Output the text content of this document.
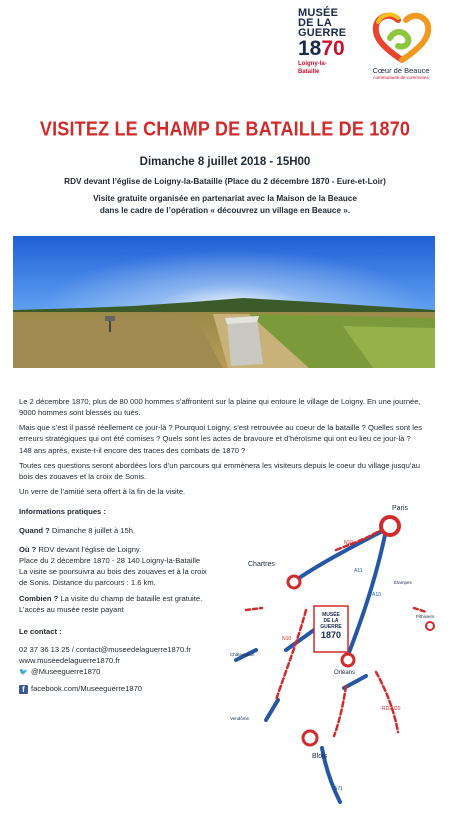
MUSÉE
DE LA
GUERRE
1870
Loigny-la-Bataille	Cœur de Beauce
communauté de communes
VISITEZ LE CHAMP DE BATAILLE DE 1870
Dimanche 8 juillet 2018 - 15H00
RDV devant l’église de Loigny-la-Bataille (Place du 2 décembre 1870 - Eure-et-Loir)
Visite gratuite organisée en partenariat avec la Maison de la Beauce
dans le cadre de l’opération « découvrez un village en Beauce ».
Le 2 décembre 1870, plus de 80 000 hommes s’affrontent sur la plaine qui entoure le village de Loigny. En une journée,
9000 hommes sont blessés ou tués.
Mais que s’est il passé réellement ce jour-là ? Pourquoi Loigny, s’est retrouvée au coeur de la bataille ? Quelles sont les
erreurs stratégiques qui ont été comises ? Quels sont les actes de bravoure et d’héroïsme qui ont eu lieu ce jour-là ?
148 ans après, existe-t-il encore des traces des combats de 1870 ?
Toutes ces questions seront abordées lors d’un parcours qui emmènera les visiteurs depuis le coeur du village jusqu’au
bois des zouaves et la croix de Sonis.
Un verre de l’amitié sera offert à la fin de la visite.
Informations pratiques :
Quand ? Dimanche 8 juillet à 15h.
Où ? RDV devant l’église de Loigny.
Place du 2 décembre 1870 - 28 140 Loigny-la-Bataille
La visite se poursuivra au bois des zouaves et à la croix
de Sonis. Distance du parcours : 1.6 km.
Combien ? La visite du champ de bataille est gratuite.
L’accès au musée reste payant
Le contact :
02 37 36 13 25 / contact@museedelaguerre1870.fr
www.museedelaguerre1870.fr
🐦 @Museeguerre1870
f facebook.com/Museeguerre1870
MUSÉE
DE LA
GUERRE
1870
Paris
Chartres
Orléans
Blois
Étampes
Pithiviers
Châteaudun
Vendôme
N10
A11
A10
N10
RD2020
A71
